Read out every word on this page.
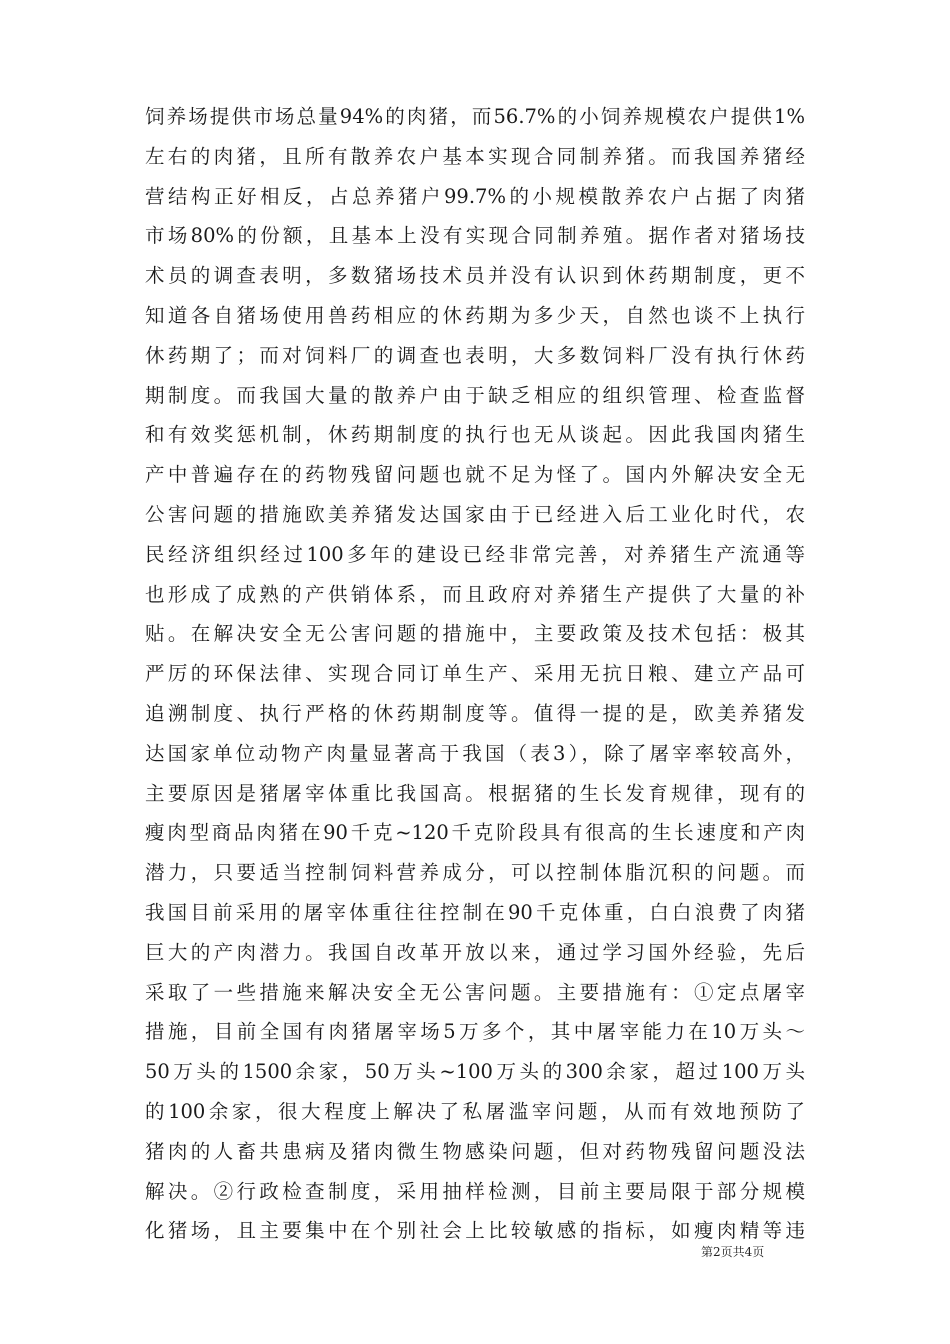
饲养场提供市场总量94%的肉猪，而56.7%的小饲养规模农户提供1%
左右的肉猪，且所有散养农户基本实现合同制养猪。而我国养猪经
营结构正好相反，占总养猪户99.7%的小规模散养农户占据了肉猪
市场80%的份额，且基本上没有实现合同制养殖。据作者对猪场技
术员的调查表明，多数猪场技术员并没有认识到休药期制度，更不
知道各自猪场使用兽药相应的休药期为多少天，自然也谈不上执行
休药期了；而对饲料厂的调查也表明，大多数饲料厂没有执行休药
期制度。而我国大量的散养户由于缺乏相应的组织管理、检查监督
和有效奖惩机制，休药期制度的执行也无从谈起。因此我国肉猪生
产中普遍存在的药物残留问题也就不足为怪了。国内外解决安全无
公害问题的措施欧美养猪发达国家由于已经进入后工业化时代，农
民经济组织经过100多年的建设已经非常完善，对养猪生产流通等
也形成了成熟的产供销体系，而且政府对养猪生产提供了大量的补
贴。在解决安全无公害问题的措施中，主要政策及技术包括：极其
严厉的环保法律、实现合同订单生产、采用无抗日粮、建立产品可
追溯制度、执行严格的休药期制度等。值得一提的是，欧美养猪发
达国家单位动物产肉量显著高于我国（表3），除了屠宰率较高外，
主要原因是猪屠宰体重比我国高。根据猪的生长发育规律，现有的
瘦肉型商品肉猪在90千克~120千克阶段具有很高的生长速度和产肉
潜力，只要适当控制饲料营养成分，可以控制体脂沉积的问题。而
我国目前采用的屠宰体重往往控制在90千克体重，白白浪费了肉猪
巨大的产肉潜力。我国自改革开放以来，通过学习国外经验，先后
采取了一些措施来解决安全无公害问题。主要措施有：①定点屠宰
措施，目前全国有肉猪屠宰场5万多个，其中屠宰能力在10万头～
50万头的1500余家，50万头~100万头的300余家，超过100万头
的100余家，很大程度上解决了私屠滥宰问题，从而有效地预防了
猪肉的人畜共患病及猪肉微生物感染问题，但对药物残留问题没法
解决。②行政检查制度，采用抽样检测，目前主要局限于部分规模
化猪场，且主要集中在个别社会上比较敏感的指标，如瘦肉精等违
第2页共4页
